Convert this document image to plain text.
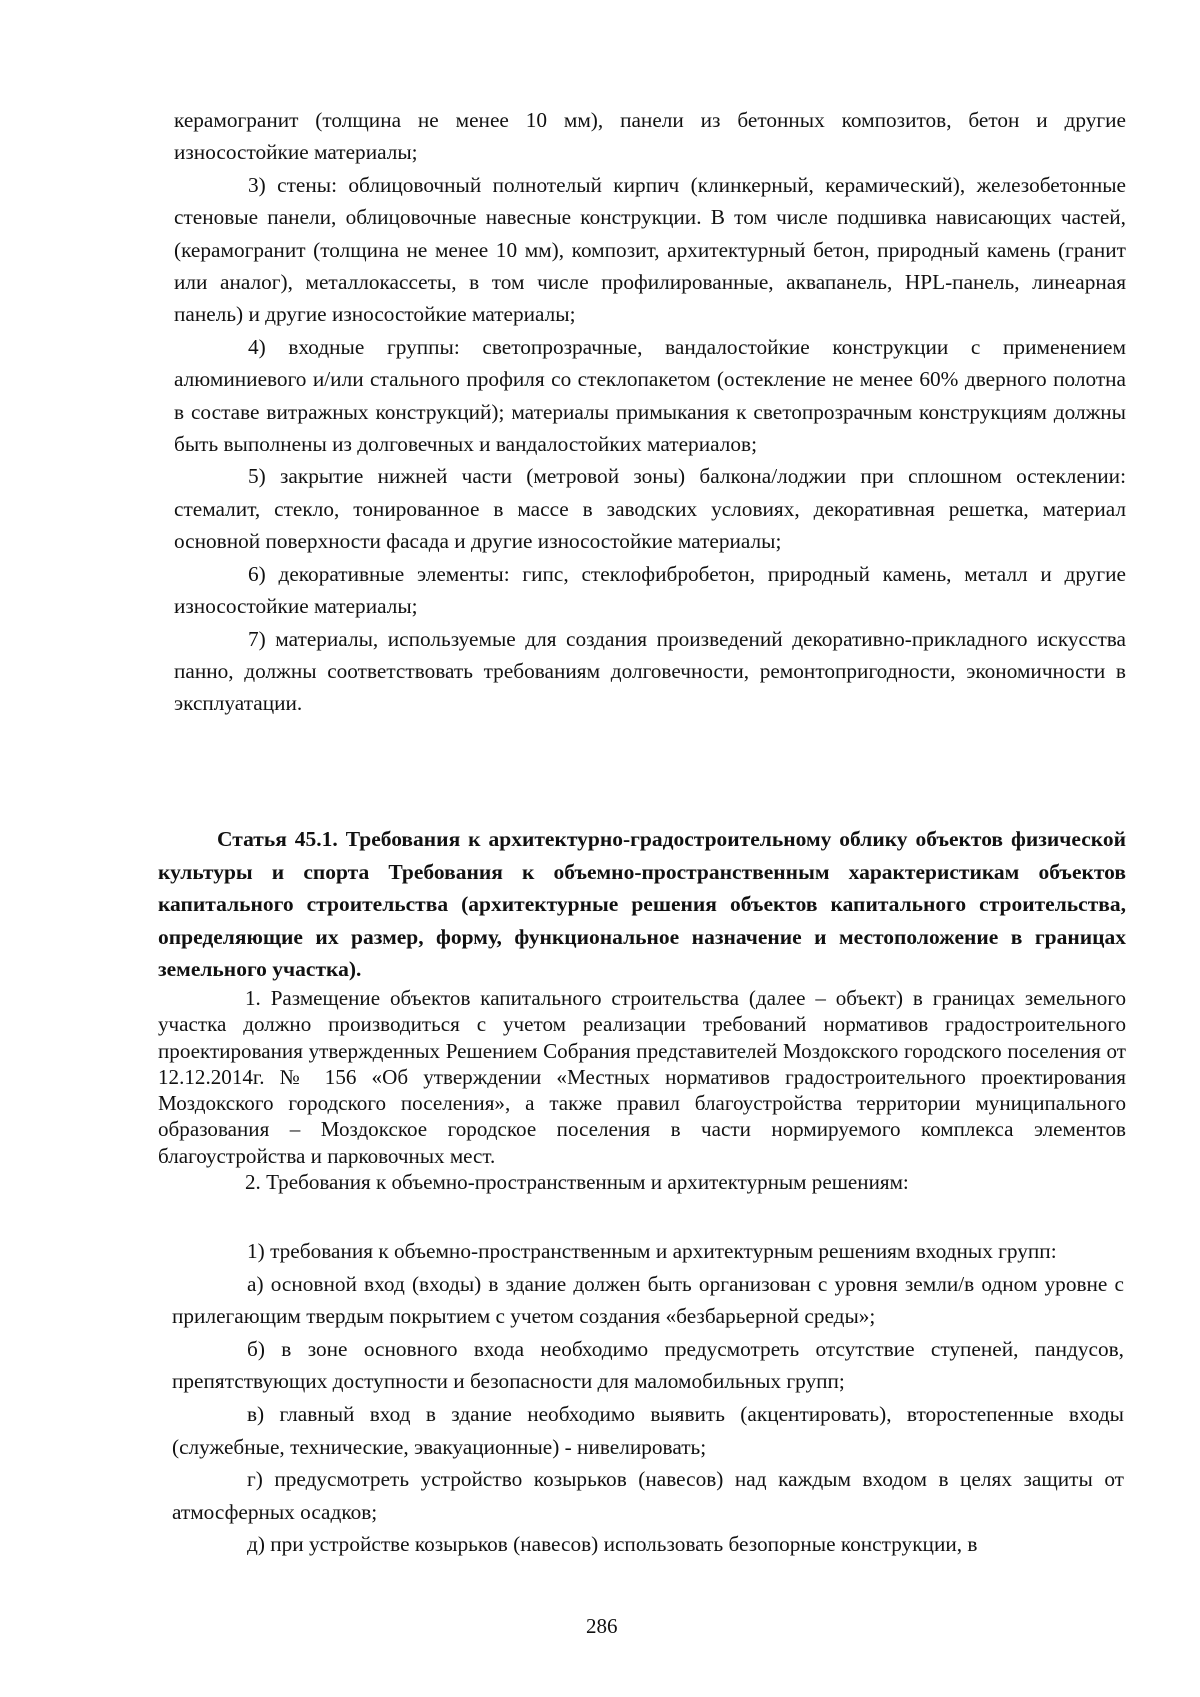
керамогранит (толщина не менее 10 мм), панели из бетонных композитов, бетон и другие износостойкие материалы;

3) стены: облицовочный полнотелый кирпич (клинкерный, керамический), железобетонные стеновые панели, облицовочные навесные конструкции. В том числе подшивка нависающих частей, (керамогранит (толщина не менее 10 мм), композит, архитектурный бетон, природный камень (гранит или аналог), металлокассеты, в том числе профилированные, аквапанель, HPL-панель, линеарная панель) и другие износостойкие материалы;

4) входные группы: светопрозрачные, вандалостойкие конструкции с применением алюминиевого и/или стального профиля со стеклопакетом (остекление не менее 60% дверного полотна в составе витражных конструкций); материалы примыкания к светопрозрачным конструкциям должны быть выполнены из долговечных и вандалостойких материалов;

5) закрытие нижней части (метровой зоны) балкона/лоджии при сплошном остеклении: стемалит, стекло, тонированное в массе в заводских условиях, декоративная решетка, материал основной поверхности фасада и другие износостойкие материалы;

6) декоративные элементы: гипс, стеклофибробетон, природный камень, металл и другие износостойкие материалы;

7) материалы, используемые для создания произведений декоративно-прикладного искусства панно, должны соответствовать требованиям долговечности, ремонтопригодности, экономичности в эксплуатации.

Статья 45.1. Требования к архитектурно-градостроительному облику объектов физической культуры и спорта Требования к объемно-пространственным характеристикам объектов капитального строительства (архитектурные решения объектов капитального строительства, определяющие их размер, форму, функциональное назначение и местоположение в границах земельного участка).

1. Размещение объектов капитального строительства (далее – объект) в границах земельного участка должно производиться с учетом реализации требований нормативов градостроительного проектирования утвержденных Решением Собрания представителей Моздокского городского поселения от 12.12.2014г. № 156 «Об утверждении «Местных нормативов градостроительного проектирования Моздокского городского поселения», а также правил благоустройства территории муниципального образования – Моздокское городское поселения в части нормируемого комплекса элементов благоустройства и парковочных мест.

2. Требования к объемно-пространственным и архитектурным решениям:

1) требования к объемно-пространственным и архитектурным решениям входных групп:

а) основной вход (входы) в здание должен быть организован с уровня земли/в одном уровне с прилегающим твердым покрытием с учетом создания «безбарьерной среды»;

б) в зоне основного входа необходимо предусмотреть отсутствие ступеней, пандусов, препятствующих доступности и безопасности для маломобильных групп;

в) главный вход в здание необходимо выявить (акцентировать), второстепенные входы (служебные, технические, эвакуационные) - нивелировать;

г) предусмотреть устройство козырьков (навесов) над каждым входом в целях защиты от атмосферных осадков;

д) при устройстве козырьков (навесов) использовать безопорные конструкции, в

286
